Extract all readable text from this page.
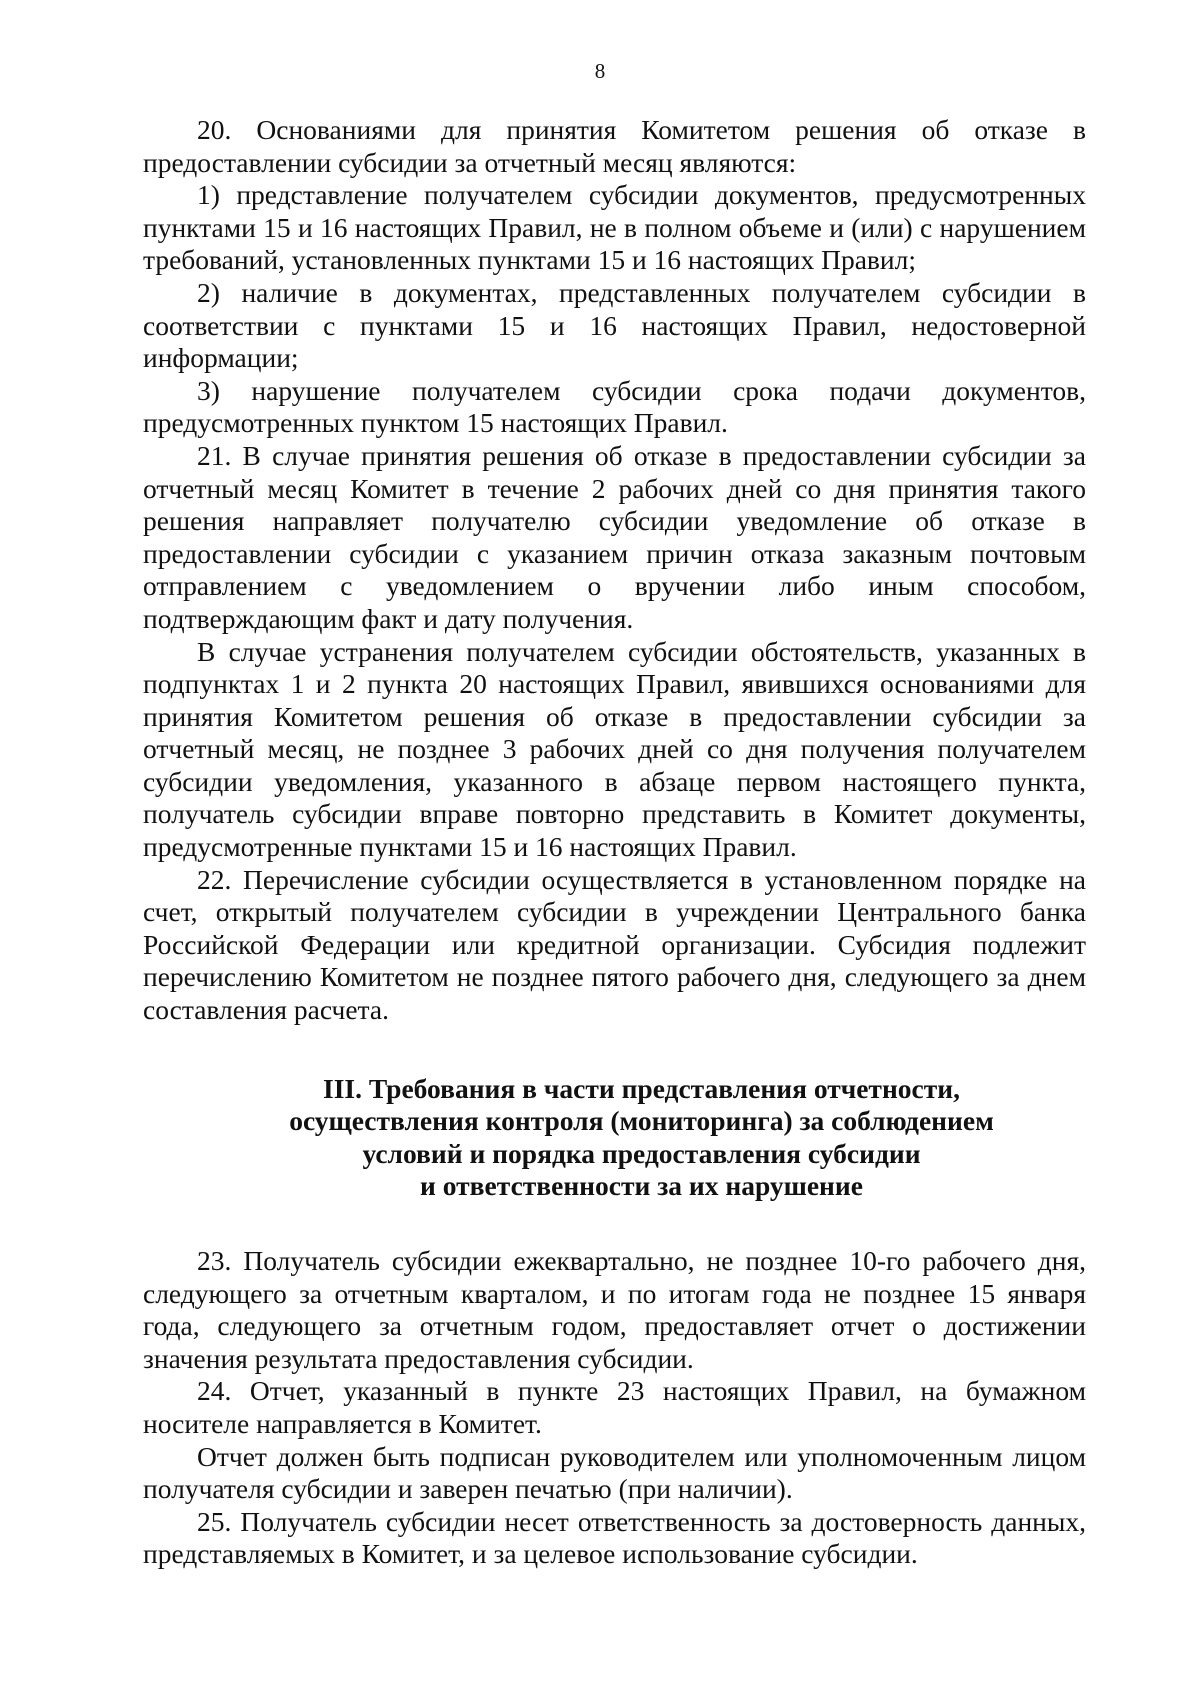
8

20. Основаниями для принятия Комитетом решения об отказе в предоставлении субсидии за отчетный месяц являются:

1) представление получателем субсидии документов, предусмотренных пунктами 15 и 16 настоящих Правил, не в полном объеме и (или) с нарушением требований, установленных пунктами 15 и 16 настоящих Правил;

2) наличие в документах, представленных получателем субсидии в соответствии с пунктами 15 и 16 настоящих Правил, недостоверной информации;

3) нарушение получателем субсидии срока подачи документов, предусмотренных пунктом 15 настоящих Правил.

21. В случае принятия решения об отказе в предоставлении субсидии за отчетный месяц Комитет в течение 2 рабочих дней со дня принятия такого решения направляет получателю субсидии уведомление об отказе в предоставлении субсидии с указанием причин отказа заказным почтовым отправлением с уведомлением о вручении либо иным способом, подтверждающим факт и дату получения.

В случае устранения получателем субсидии обстоятельств, указанных в подпунктах 1 и 2 пункта 20 настоящих Правил, явившихся основаниями для принятия Комитетом решения об отказе в предоставлении субсидии за отчетный месяц, не позднее 3 рабочих дней со дня получения получателем субсидии уведомления, указанного в абзаце первом настоящего пункта, получатель субсидии вправе повторно представить в Комитет документы, предусмотренные пунктами 15 и 16 настоящих Правил.

22. Перечисление субсидии осуществляется в установленном порядке на счет, открытый получателем субсидии в учреждении Центрального банка Российской Федерации или кредитной организации. Субсидия подлежит перечислению Комитетом не позднее пятого рабочего дня, следующего за днем составления расчета.

III. Требования в части представления отчетности,
осуществления контроля (мониторинга) за соблюдением
условий и порядка предоставления субсидии
и ответственности за их нарушение

23. Получатель субсидии ежеквартально, не позднее 10-го рабочего дня, следующего за отчетным кварталом, и по итогам года не позднее 15 января года, следующего за отчетным годом, предоставляет отчет о достижении значения результата предоставления субсидии.

24. Отчет, указанный в пункте 23 настоящих Правил, на бумажном носителе направляется в Комитет.

Отчет должен быть подписан руководителем или уполномоченным лицом получателя субсидии и заверен печатью (при наличии).

25. Получатель субсидии несет ответственность за достоверность данных, представляемых в Комитет, и за целевое использование субсидии.
